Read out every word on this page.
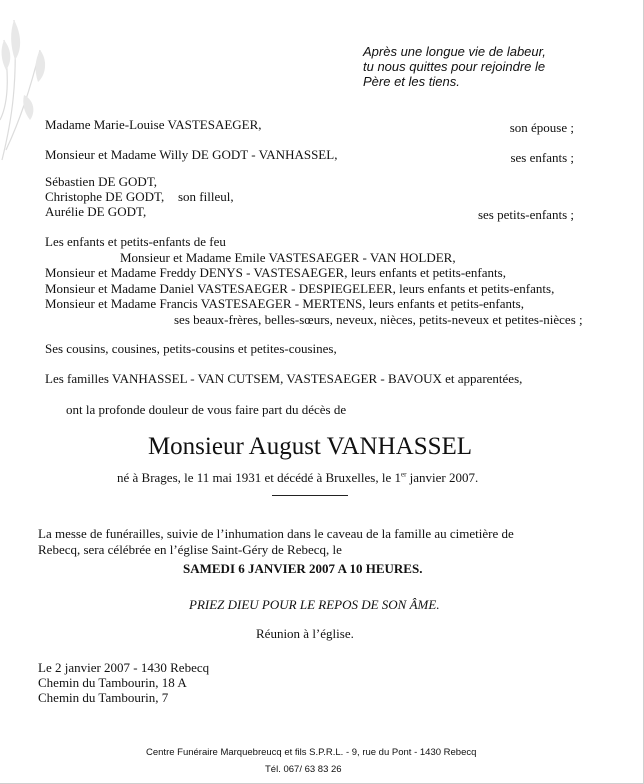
Après une longue vie de labeur,
tu nous quittes pour rejoindre le
Père et les tiens.
Madame Marie-Louise VASTESAEGER,	son épouse ;
Monsieur et Madame Willy DE GODT - VANHASSEL,	ses enfants ;
Sébastien DE GODT,
Christophe DE GODT, son filleul,
Aurélie DE GODT,	ses petits-enfants ;
Les enfants et petits-enfants de feu
Monsieur et Madame Emile VASTESAEGER - VAN HOLDER,
Monsieur et Madame Freddy DENYS - VASTESAEGER, leurs enfants et petits-enfants,
Monsieur et Madame Daniel VASTESAEGER - DESPIEGELEER, leurs enfants et petits-enfants,
Monsieur et Madame Francis VASTESAEGER - MERTENS, leurs enfants et petits-enfants,
ses beaux-frères, belles-sœurs, neveux, nièces, petits-neveux et petites-nièces ;
Ses cousins, cousines, petits-cousins et petites-cousines,
Les familles VANHASSEL - VAN CUTSEM, VASTESAEGER - BAVOUX et apparentées,
ont la profonde douleur de vous faire part du décès de
Monsieur August VANHASSEL
né à Brages, le 11 mai 1931 et décédé à Bruxelles, le 1er janvier 2007.
La messe de funérailles, suivie de l’inhumation dans le caveau de la famille au cimetière de
Rebecq, sera célébrée en l’église Saint-Géry de Rebecq, le
SAMEDI 6 JANVIER 2007 A 10 HEURES.
PRIEZ DIEU POUR LE REPOS DE SON ÂME.
Réunion à l’église.
Le 2 janvier 2007 - 1430 Rebecq
Chemin du Tambourin, 18 A
Chemin du Tambourin, 7
Centre Funéraire Marquebreucq et fils S.P.R.L. - 9, rue du Pont - 1430 Rebecq
Tél. 067/ 63 83 26
